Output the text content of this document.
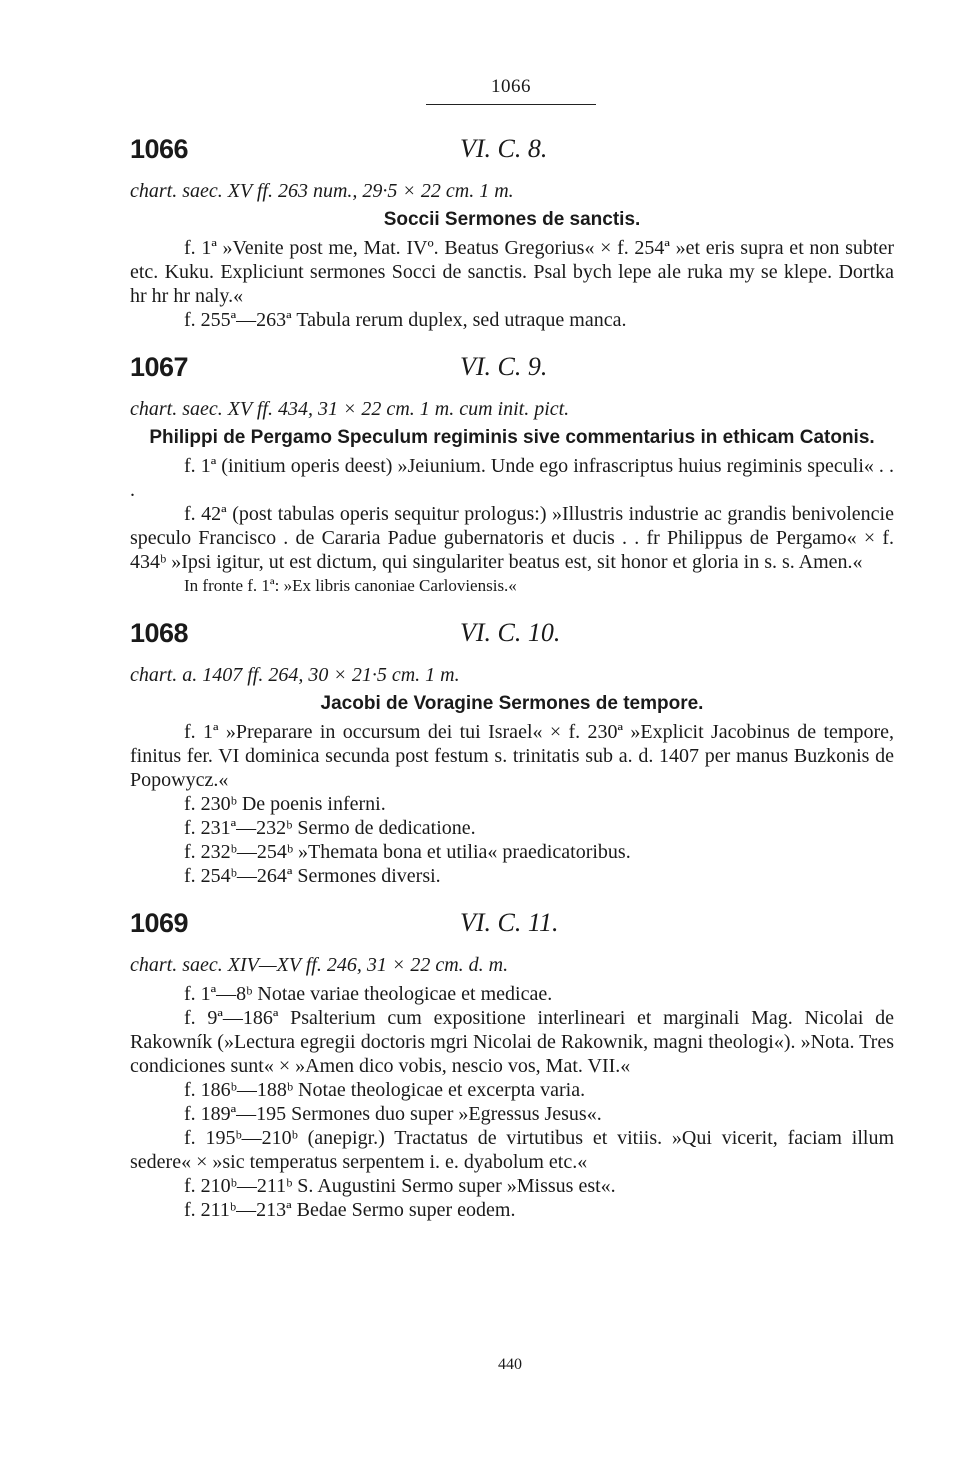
1066
1066	VI. C. 8.
chart. saec. XV ff. 263 num., 29·5 × 22 cm. 1 m.
Soccii Sermones de sanctis.

f. 1ª »Venite post me, Mat. IVº. Beatus Gregorius« × f. 254ª »et eris supra et non subter etc. Kuku. Expliciunt sermones Socci de sanctis. Psal bych lepe ale ruka my se klepe. Dortka hr hr hr naly.«

f. 255ª—263ª Tabula rerum duplex, sed utraque manca.
1067	VI. C. 9.
chart. saec. XV ff. 434, 31 × 22 cm. 1 m. cum init. pict.
Philippi de Pergamo Speculum regiminis sive commentarius in ethicam Catonis.

f. 1ª (initium operis deest) »Jeiunium. Unde ego infrascriptus huius regiminis speculi« . . .

f. 42ª (post tabulas operis sequitur prologus:) »Illustris industrie ac grandis benivolencie speculo Francisco . de Cararia Padue gubernatoris et ducis . . fr Philippus de Pergamo« × f. 434ᵇ »Ipsi igitur, ut est dictum, qui singulariter beatus est, sit honor et gloria in s. s. Amen.«

In fronte f. 1ª: »Ex libris canoniae Carloviensis.«
1068	VI. C. 10.
chart. a. 1407 ff. 264, 30 × 21·5 cm. 1 m.
Jacobi de Voragine Sermones de tempore.

f. 1ª »Preparare in occursum dei tui Israel« × f. 230ª »Explicit Jacobinus de tempore, finitus fer. VI dominica secunda post festum s. trinitatis sub a. d. 1407 per manus Buzkonis de Popowycz.«

f. 230ᵇ De poenis inferni.
f. 231ª—232ᵇ Sermo de dedicatione.
f. 232ᵇ—254ᵇ »Themata bona et utilia« praedicatoribus.
f. 254ᵇ—264ª Sermones diversi.
1069	VI. C. 11.
chart. saec. XIV—XV ff. 246, 31 × 22 cm. d. m.
f. 1ª—8ᵇ Notae variae theologicae et medicae.

f. 9ª—186ª Psalterium cum expositione interlineari et marginali Mag. Nicolai de Rakowník (»Lectura egregii doctoris mgri Nicolai de Rakownik, magni theologi«). »Nota. Tres condiciones sunt« × »Amen dico vobis, nescio vos, Mat. VII.«

f. 186ᵇ—188ᵇ Notae theologicae et excerpta varia.
f. 189ª—195 Sermones duo super »Egressus Jesus«.

f. 195ᵇ—210ᵇ (anepigr.) Tractatus de virtutibus et vitiis. »Qui vicerit, faciam illum sedere« × »sic temperatus serpentem i. e. dyabolum etc.«

f. 210ᵇ—211ᵇ S. Augustini Sermo super »Missus est«.
f. 211ᵇ—213ª Bedae Sermo super eodem.
440
